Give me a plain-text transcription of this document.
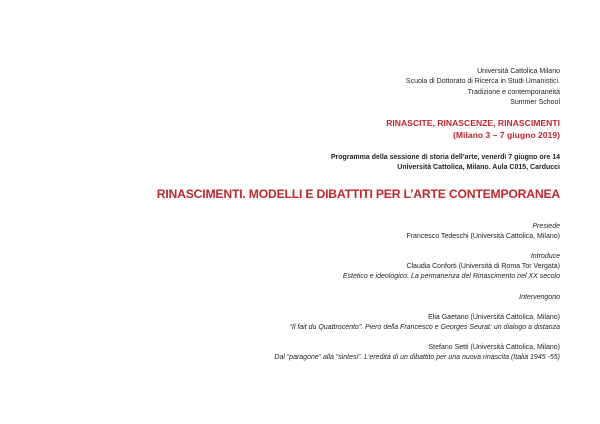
Università Cattolica Milano
Scuola di Dottorato di Ricerca in Studi Umanistici.
Tradizione e contemporaneità
Summer School
RINASCITE, RINASCENZE, RINASCIMENTI
(Milano 3 – 7 giugno 2019)
Programma della sessione di storia dell’arte, venerdì 7 giugno ore 14
Università Cattolica, Milano. Aula C015, Carducci
RINASCIMENTI. MODELLI E DIBATTITI PER L’ARTE CONTEMPORANEA
Presiede
Francesco Tedeschi (Università Cattolica, Milano)
Introduce
Claudia Conforti (Università di Roma Tor Vergata)
Estetico e ideologico. La permanenza del Rinascimento nel XX secolo
Intervengono
Elia Gaetano (Università Cattolica, Milano)
“Il fait du Quattrocento”. Piero della Francesco e Georges Seurat: un dialogo a distanza
Stefano Setti (Università Cattolica, Milano)
Dal “paragone” alla “sintesi”. L’eredità di un dibattito per una nuova rinascita (Italia 1945 -55)
